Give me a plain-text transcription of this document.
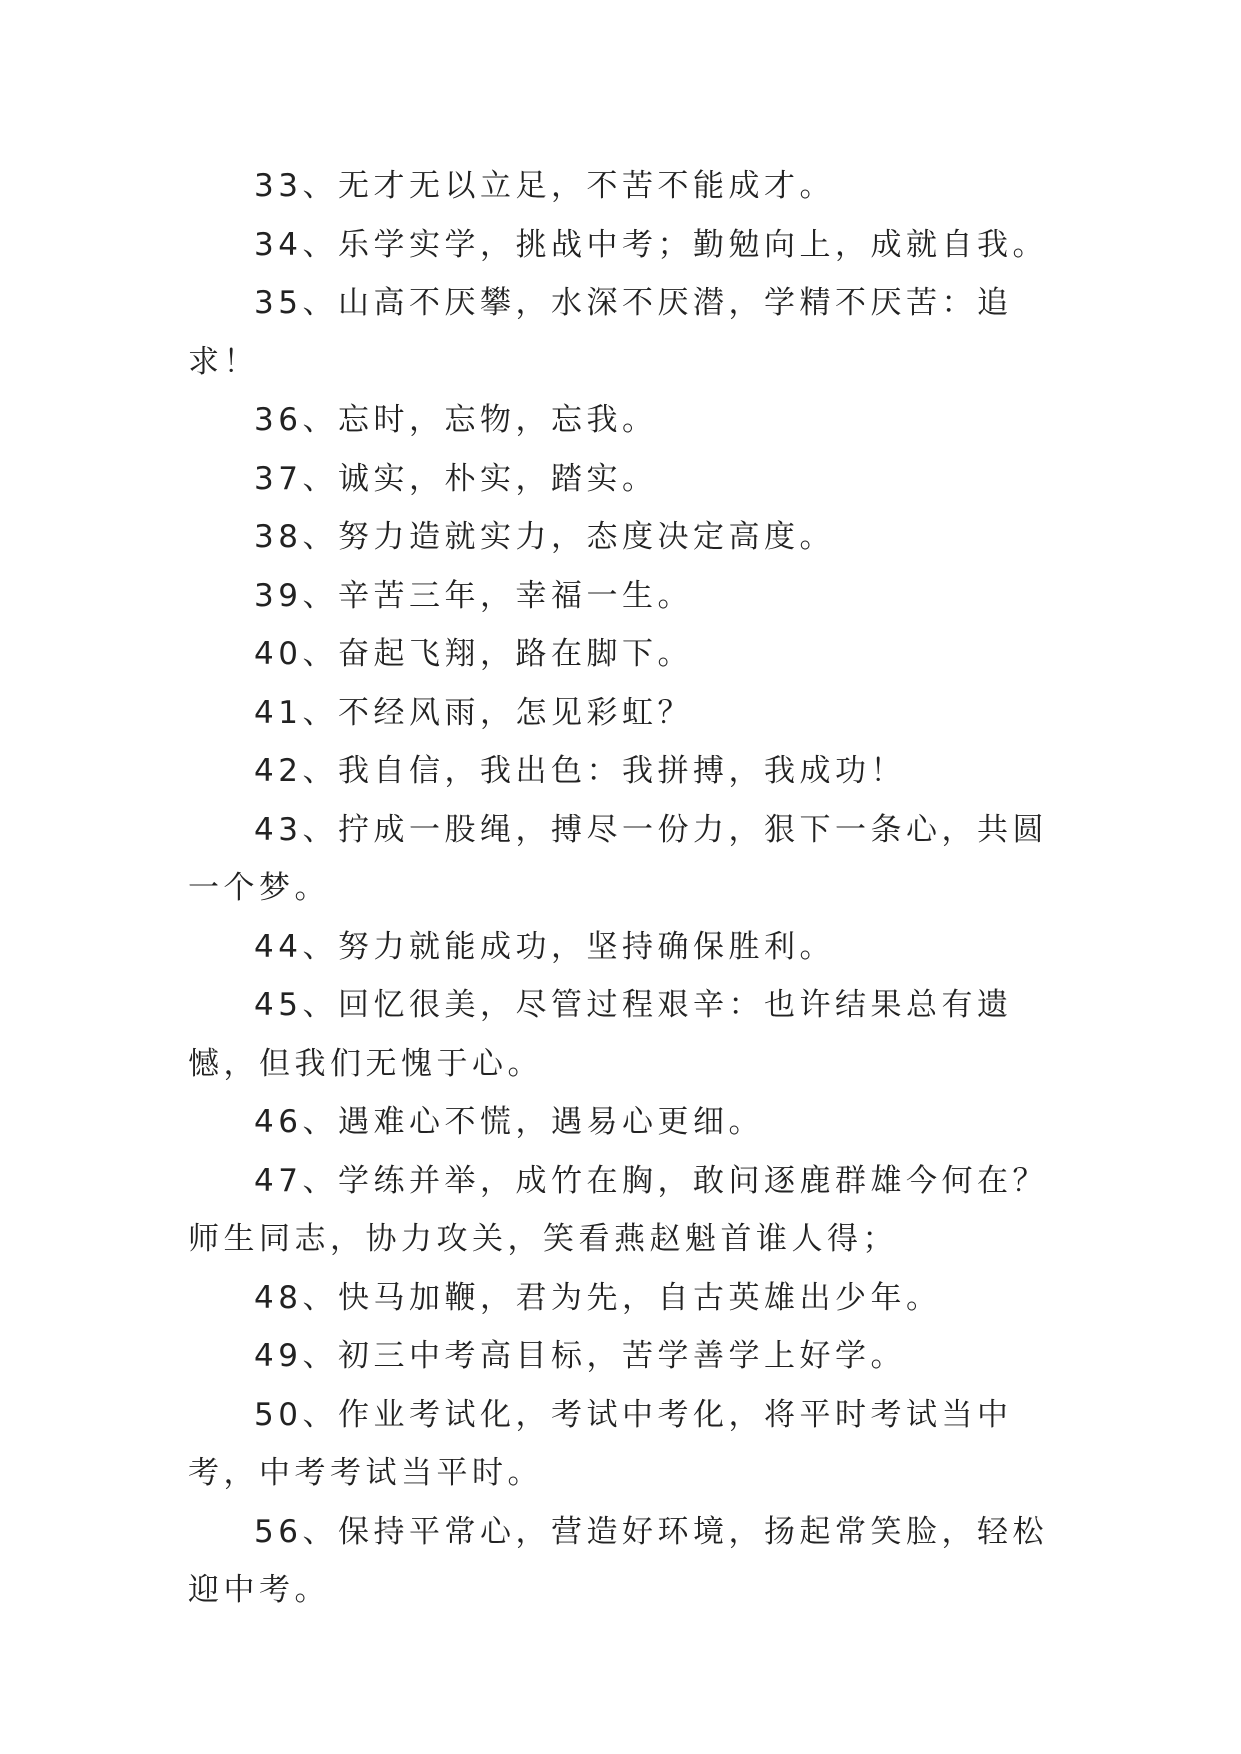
33、无才无以立足，不苦不能成才。

34、乐学实学，挑战中考；勤勉向上，成就自我。

35、山高不厌攀，水深不厌潜，学精不厌苦：追求！

36、忘时，忘物，忘我。

37、诚实，朴实，踏实。

38、努力造就实力，态度决定高度。

39、辛苦三年，幸福一生。

40、奋起飞翔，路在脚下。

41、不经风雨，怎见彩虹？

42、我自信，我出色：我拼搏，我成功！

43、拧成一股绳，搏尽一份力，狠下一条心，共圆一个梦。

44、努力就能成功，坚持确保胜利。

45、回忆很美，尽管过程艰辛：也许结果总有遗憾，但我们无愧于心。

46、遇难心不慌，遇易心更细。

47、学练并举，成竹在胸，敢问逐鹿群雄今何在？师生同志，协力攻关，笑看燕赵魁首谁人得；

48、快马加鞭，君为先，自古英雄出少年。

49、初三中考高目标，苦学善学上好学。

50、作业考试化，考试中考化，将平时考试当中考，中考考试当平时。

56、保持平常心，营造好环境，扬起常笑脸，轻松迎中考。
